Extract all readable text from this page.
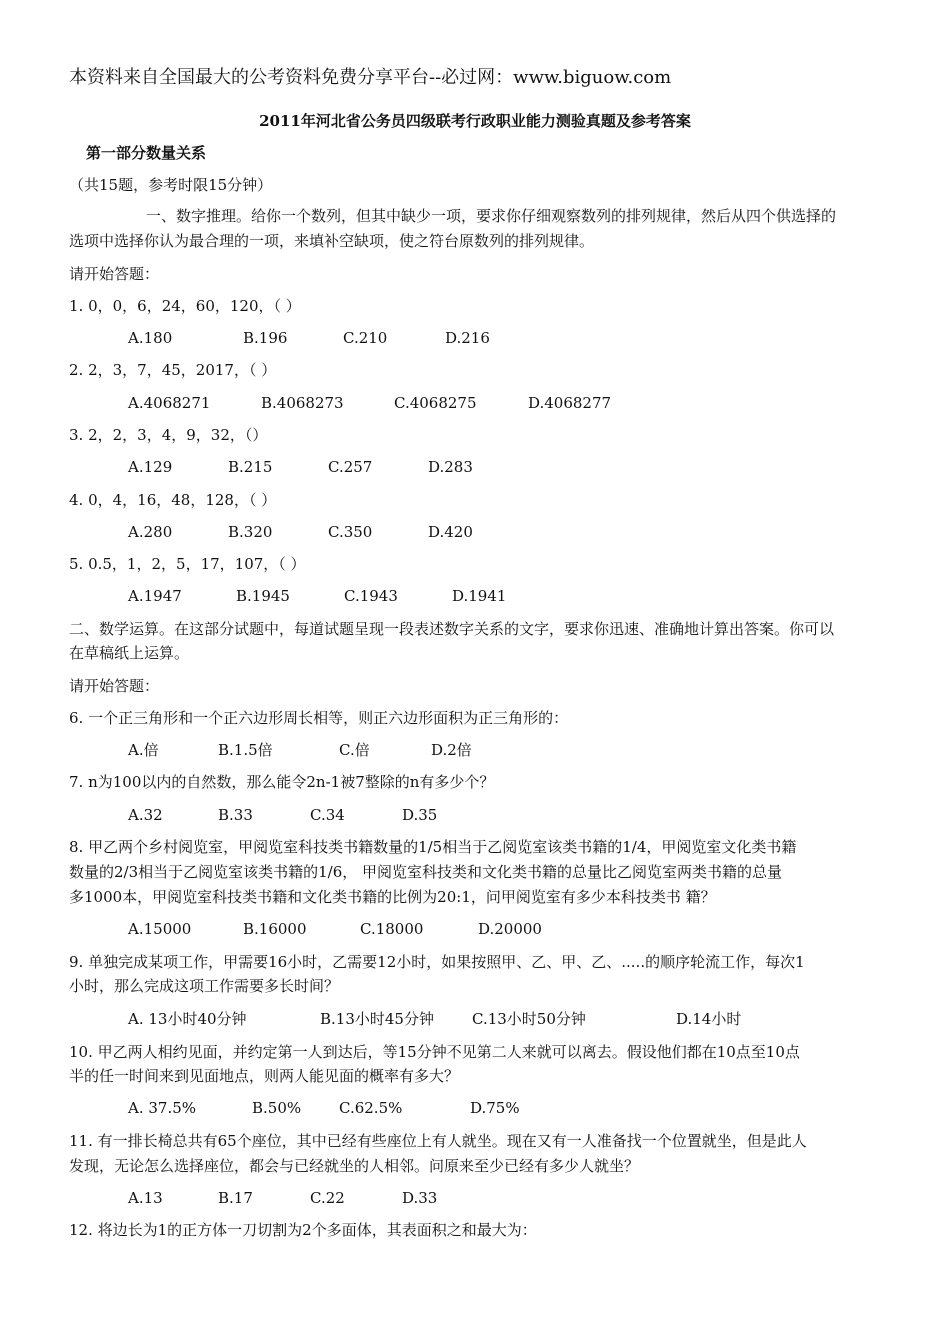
本资料来自全国最大的公考资料免费分享平台--必过网：www.biguow.com
2011年河北省公务员四级联考行政职业能力测验真题及参考答案
第一部分数量关系
（共15题，参考时限15分钟）
一、数字推理。给你一个数列，但其中缺少一项，要求你仔细观察数列的排列规律，然后从四个供选择的
选项中选择你认为最合理的一项，来填补空缺项，使之符台原数列的排列规律。
请开始答题：
1. 0，0，6，24，60，120，（ ）
A.180	B.196	C.210	D.216
2. 2，3，7，45，2017，（ ）
A.4068271	B.4068273	C.4068275	D.4068277
3. 2，2，3，4，9，32，（）
A.129	B.215	C.257	D.283
4. 0，4，16，48，128，（ ）
A.280	B.320	C.350	D.420
5. 0.5，1，2，5，17，107，（ ）
A.1947	B.1945	C.1943	D.1941
二、数学运算。在这部分试题中，每道试题呈现一段表述数字关系的文字，要求你迅速、准确地计算出答案。你可以
在草稿纸上运算。
请开始答题：
6. 一个正三角形和一个正六边形周长相等，则正六边形面积为正三角形的：
A.倍	B.1.5倍	C.倍	D.2倍
7. n为100以内的自然数，那么能令2n-1被7整除的n有多少个？
A.32	B.33	C.34	D.35
8. 甲乙两个乡村阅览室，甲阅览室科技类书籍数量的1/5相当于乙阅览室该类书籍的1/4，甲阅览室文化类书籍
数量的2/3相当于乙阅览室该类书籍的1/6， 甲阅览室科技类和文化类书籍的总量比乙阅览室两类书籍的总量
多1000本，甲阅览室科技类书籍和文化类书籍的比例为20:1，问甲阅览室有多少本科技类书 籍？
A.15000	B.16000	C.18000	D.20000
9. 单独完成某项工作，甲需要16小时，乙需要12小时，如果按照甲、乙、甲、乙、.....的顺序轮流工作，每次1
小时，那么完成这项工作需要多长时间？
A. 13小时40分钟	B.13小时45分钟	C.13小时50分钟	D.14小时
10. 甲乙两人相约见面，并约定第一人到达后，等15分钟不见第二人来就可以离去。假设他们都在10点至10点
半的任一时间来到见面地点，则两人能见面的概率有多大？
A. 37.5%	B.50%	C.62.5%	D.75%
11. 有一排长椅总共有65个座位，其中已经有些座位上有人就坐。现在又有一人准备找一个位置就坐，但是此人
发现，无论怎么选择座位，都会与已经就坐的人相邻。问原来至少已经有多少人就坐？
A.13	B.17	C.22	D.33
12. 将边长为1的正方体一刀切割为2个多面体，其表面积之和最大为：
